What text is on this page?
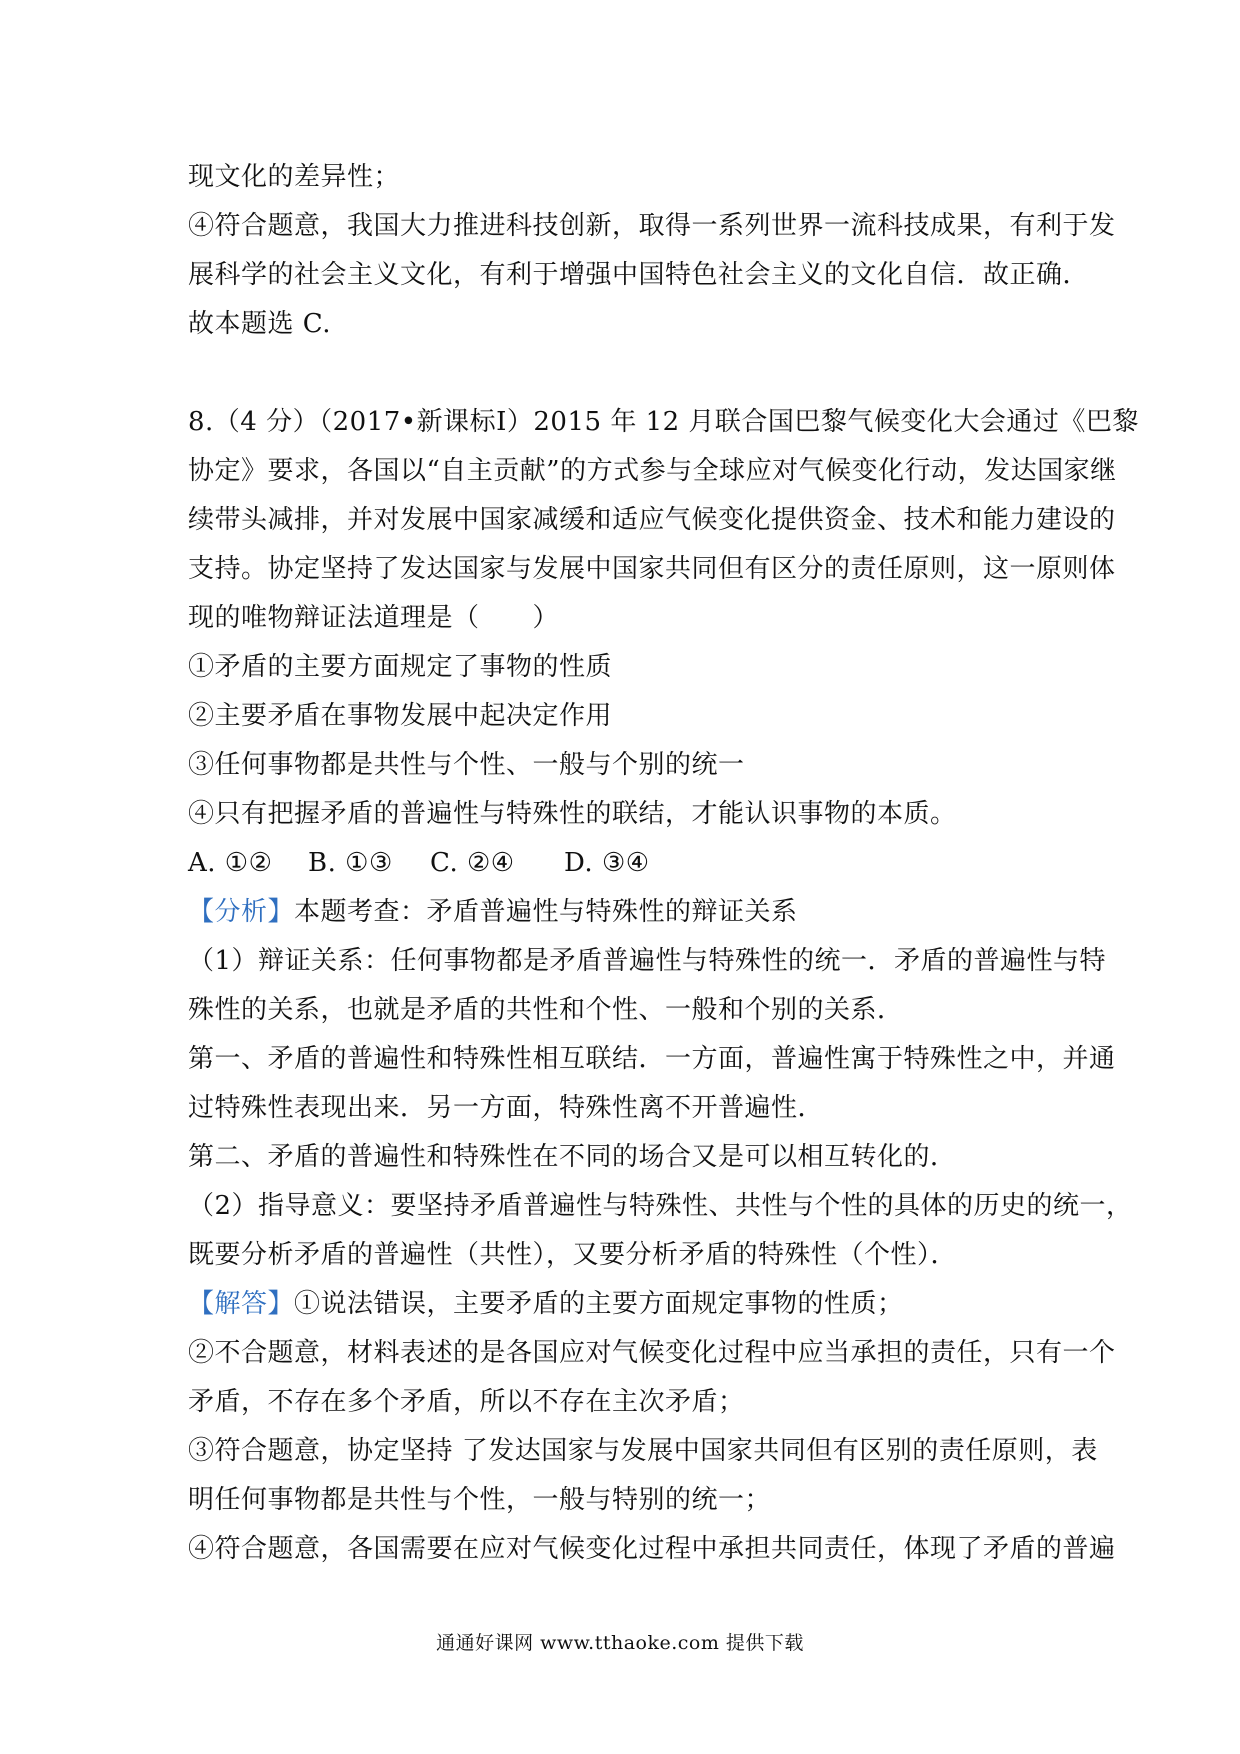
现文化的差异性；
④符合题意，我国大力推进科技创新，取得一系列世界一流科技成果，有利于发
展科学的社会主义文化，有利于增强中国特色社会主义的文化自信．故正确．
故本题选 C.
8.（4 分）（2017•新课标Ⅰ）2015 年 12 月联合国巴黎气候变化大会通过《巴黎
协定》要求，各国以“自主贡献”的方式参与全球应对气候变化行动，发达国家继
续带头减排，并对发展中国家减缓和适应气候变化提供资金、技术和能力建设的
支持。协定坚持了发达国家与发展中国家共同但有区分的责任原则，这一原则体
现的唯物辩证法道理是（　　）
①矛盾的主要方面规定了事物的性质
②主要矛盾在事物发展中起决定作用
③任何事物都是共性与个性、一般与个别的统一
④只有把握矛盾的普遍性与特殊性的联结，才能认识事物的本质。
A. ①②	B. ①③	C. ②④	D. ③④
【分析】本题考查：矛盾普遍性与特殊性的辩证关系
（1）辩证关系：任何事物都是矛盾普遍性与特殊性的统一．矛盾的普遍性与特
殊性的关系，也就是矛盾的共性和个性、一般和个别的关系．
第一、矛盾的普遍性和特殊性相互联结．一方面，普遍性寓于特殊性之中，并通
过特殊性表现出来．另一方面，特殊性离不开普遍性．
第二、矛盾的普遍性和特殊性在不同的场合又是可以相互转化的．
（2）指导意义：要坚持矛盾普遍性与特殊性、共性与个性的具体的历史的统一，
既要分析矛盾的普遍性（共性），又要分析矛盾的特殊性（个性）．
【解答】①说法错误，主要矛盾的主要方面规定事物的性质；
②不合题意，材料表述的是各国应对气候变化过程中应当承担的责任，只有一个
矛盾，不存在多个矛盾，所以不存在主次矛盾；
③符合题意，协定坚持 了发达国家与发展中国家共同但有区别的责任原则，表
明任何事物都是共性与个性，一般与特别的统一；
④符合题意，各国需要在应对气候变化过程中承担共同责任，体现了矛盾的普遍
通通好课网 www.tthaoke.com 提供下载
